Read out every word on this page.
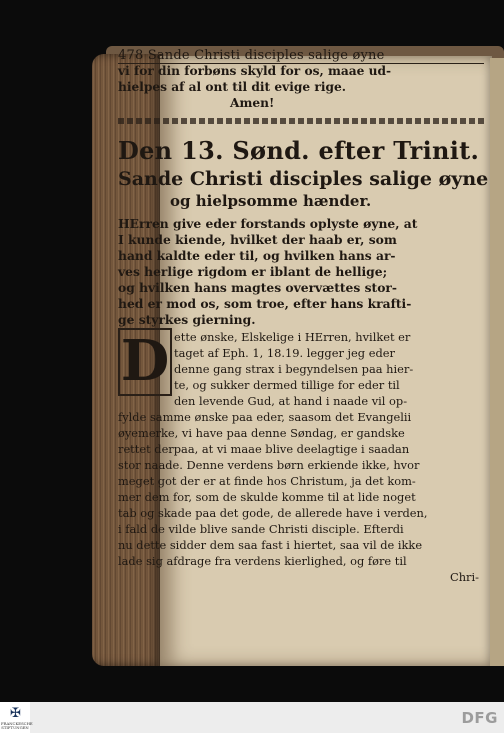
478 Sande Christi disciples salige øyne
vi for din forbøns skyld for os, maae ud-
hielpes af al ont til dit evige rige.
Amen!
Den 13. Sønd. efter Trinit.
Sande Christi disciples salige øyne
og hielpsomme hænder.
HErren give eder forstands oplyste øyne, at
I kunde kiende, hvilket der haab er, som
hand kaldte eder til, og hvilken hans ar-
ves herlige rigdom er iblant de hellige;
og hvilken hans magtes overvættes stor-
hed er mod os, som troe, efter hans krafti-
ge styrkes gierning.
D ette ønske, Elskelige i HErren, hvilket er
taget af Eph. 1, 18.19. legger jeg eder
denne gang strax i begyndelsen paa hier-
te, og sukker dermed tillige for eder til
den levende Gud, at hand i naade vil op-
fylde samme ønske paa eder, saasom det Evangelii
øyemerke, vi have paa denne Søndag, er gandske
rettet derpaa, at vi maae blive deelagtige i saadan
stor naade. Denne verdens børn erkiende ikke, hvor
meget got der er at finde hos Christum, ja det kom-
mer dem for, som de skulde komme til at lide noget
tab og skade paa det gode, de allerede have i verden,
i fald de vilde blive sande Christi disciple. Efterdi
nu dette sidder dem saa fast i hiertet, saa vil de ikke
lade sig afdrage fra verdens kierlighed, og føre til
Chri-
✠
FRANCKESCHE STIFTUNGEN
DFG
